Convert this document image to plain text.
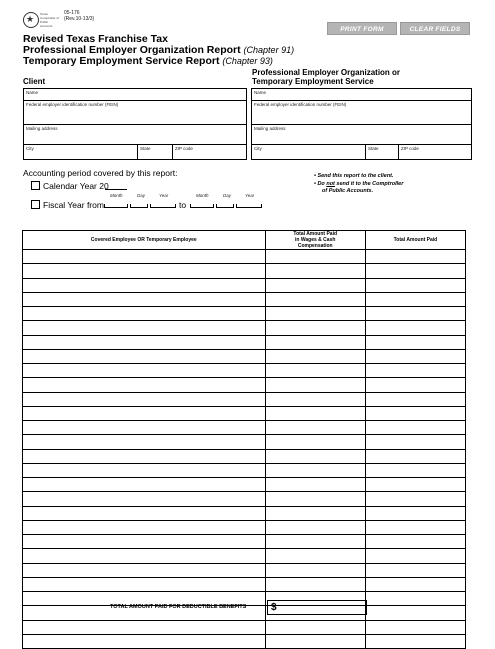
★ Texas Comptroller of Public Accounts
05-176
(Rev.10-13/3)
PRINT FORM	CLEAR FIELDS
Revised Texas Franchise Tax
Professional Employer Organization Report (Chapter 91)
Temporary Employment Service Report (Chapter 93)
Client
Professional Employer Organization or
Temporary Employment Service
Name
Federal employer identification number (FEIN)
Mailing address
City	State	ZIP code
Name
Federal employer identification number (FEIN)
Mailing address
City	State	ZIP code
Accounting period covered by this report:
Calendar Year 20
Month	Day	Year	Month	Day	Year
Fiscal Year from	to
• Send this report to the client.
• Do not send it to the Comptroller
of Public Accounts.
Covered Employee OR Temporary Employee	Total Amount Paid
in Wages & Cash
Compensation	Total Amount Paid

TOTAL AMOUNT PAID FOR DEDUCTIBLE BENEFITS	$
